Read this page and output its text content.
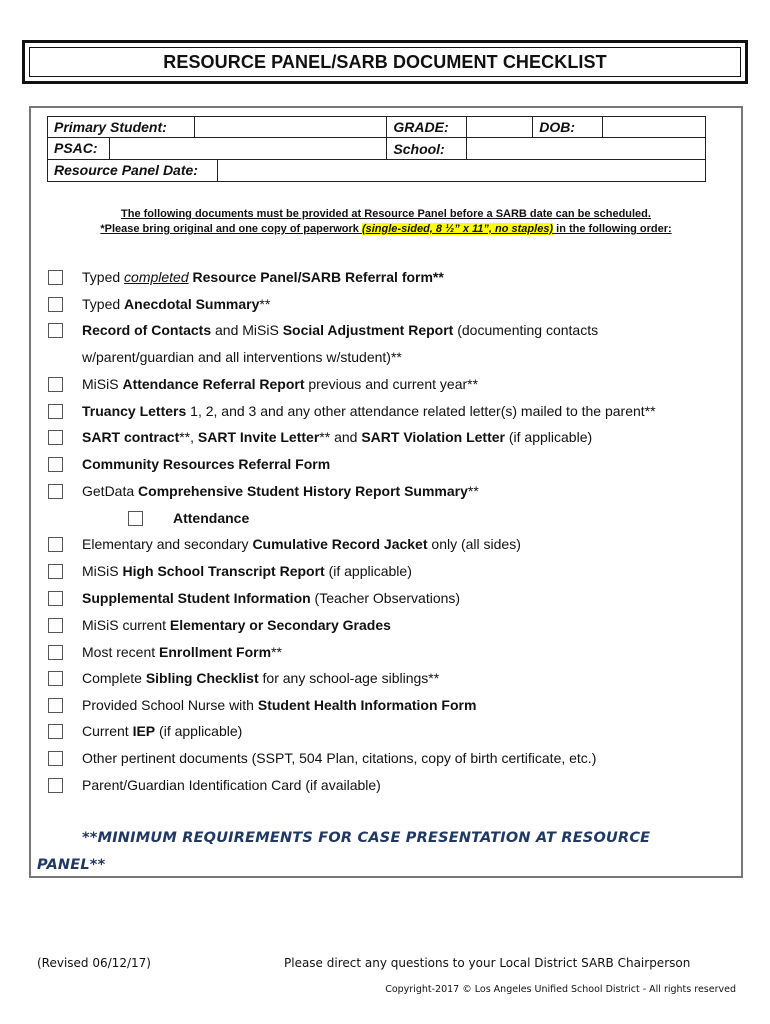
RESOURCE PANEL/SARB DOCUMENT CHECKLIST
Primary Student:		GRADE:		DOB:	

PSAC:		School:			

Resource Panel Date:					
The following documents must be provided at Resource Panel before a SARB date can be scheduled.
*Please bring original and one copy of paperwork (single-sided, 8 ½” x 11”, no staples) in the following order:
Typed completed Resource Panel/SARB Referral form**
Typed Anecdotal Summary**
Record of Contacts and MiSiS Social Adjustment Report (documenting contacts
w/parent/guardian and all interventions w/student)**
MiSiS Attendance Referral Report previous and current year**
Truancy Letters 1, 2, and 3 and any other attendance related letter(s) mailed to the parent**
SART contract**, SART Invite Letter** and SART Violation Letter (if applicable)
Community Resources Referral Form
GetData Comprehensive Student History Report Summary**
Attendance
Elementary and secondary Cumulative Record Jacket only (all sides)
MiSiS High School Transcript Report (if applicable)
Supplemental Student Information (Teacher Observations)
MiSiS current Elementary or Secondary Grades
Most recent Enrollment Form**
Complete Sibling Checklist for any school-age siblings**
Provided School Nurse with Student Health Information Form
Current IEP (if applicable)
Other pertinent documents (SSPT, 504 Plan, citations, copy of birth certificate, etc.)
Parent/Guardian Identification Card (if available)
**MINIMUM REQUIREMENTS FOR CASE PRESENTATION AT RESOURCE
PANEL**
(Revised 06/12/17)	Please direct any questions to your Local District SARB Chairperson
Copyright-2017 © Los Angeles Unified School District - All rights reserved
